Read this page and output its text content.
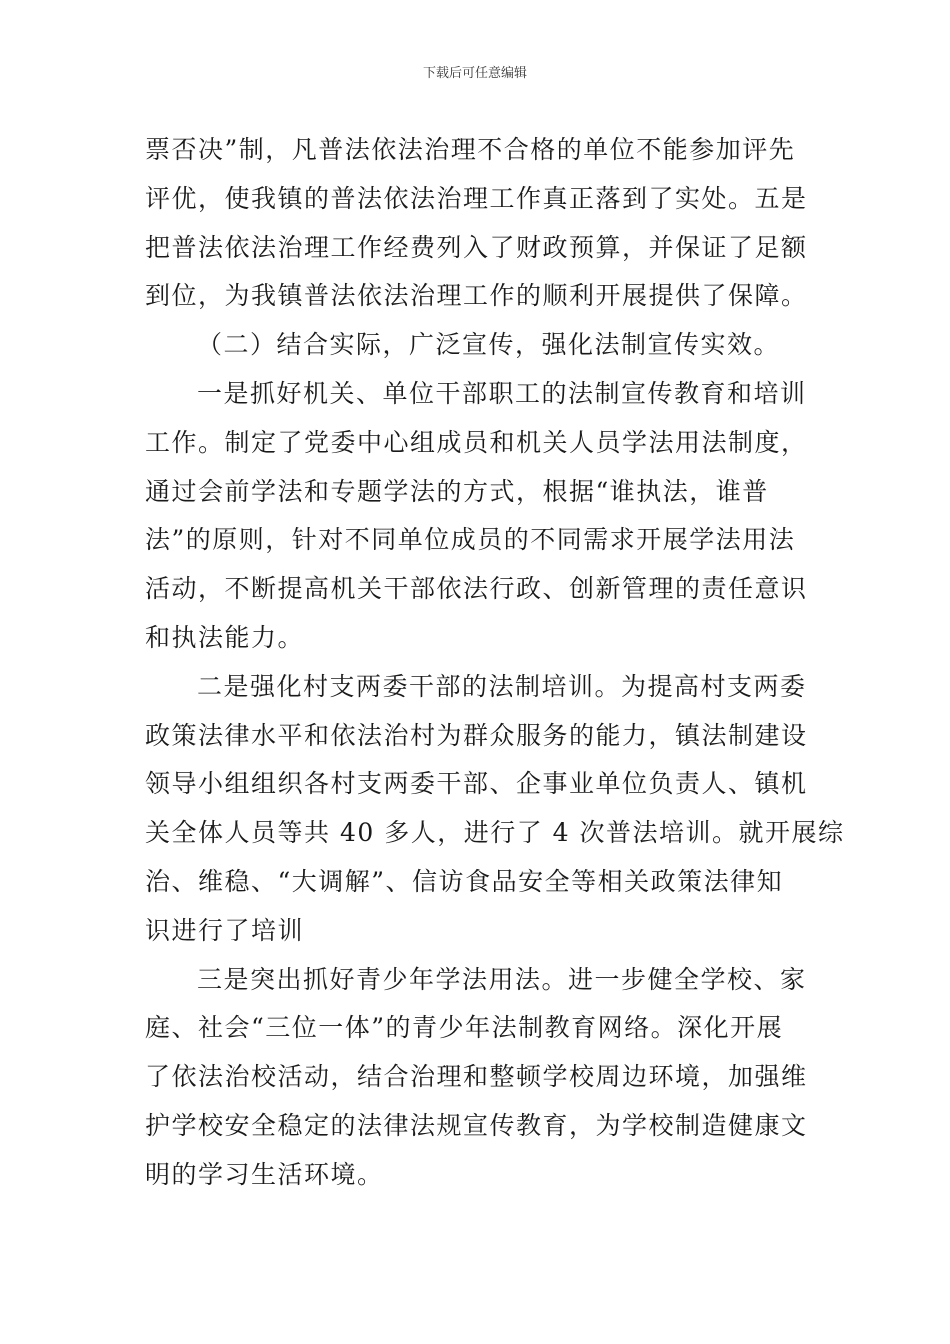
下载后可任意编辑
票否决”制，凡普法依法治理不合格的单位不能参加评先
评优，使我镇的普法依法治理工作真正落到了实处。五是
把普法依法治理工作经费列入了财政预算，并保证了足额
到位，为我镇普法依法治理工作的顺利开展提供了保障。
（二）结合实际，广泛宣传，强化法制宣传实效。
一是抓好机关、单位干部职工的法制宣传教育和培训
工作。制定了党委中心组成员和机关人员学法用法制度，
通过会前学法和专题学法的方式，根据“谁执法，谁普
法”的原则，针对不同单位成员的不同需求开展学法用法
活动，不断提高机关干部依法行政、创新管理的责任意识
和执法能力。
二是强化村支两委干部的法制培训。为提高村支两委
政策法律水平和依法治村为群众服务的能力，镇法制建设
领导小组组织各村支两委干部、企事业单位负责人、镇机
关全体人员等共 40 多人，进行了 4 次普法培训。就开展综
治、维稳、“大调解”、信访食品安全等相关政策法律知
识进行了培训
三是突出抓好青少年学法用法。进一步健全学校、家
庭、社会“三位一体”的青少年法制教育网络。深化开展
了依法治校活动，结合治理和整顿学校周边环境，加强维
护学校安全稳定的法律法规宣传教育，为学校制造健康文
明的学习生活环境。
